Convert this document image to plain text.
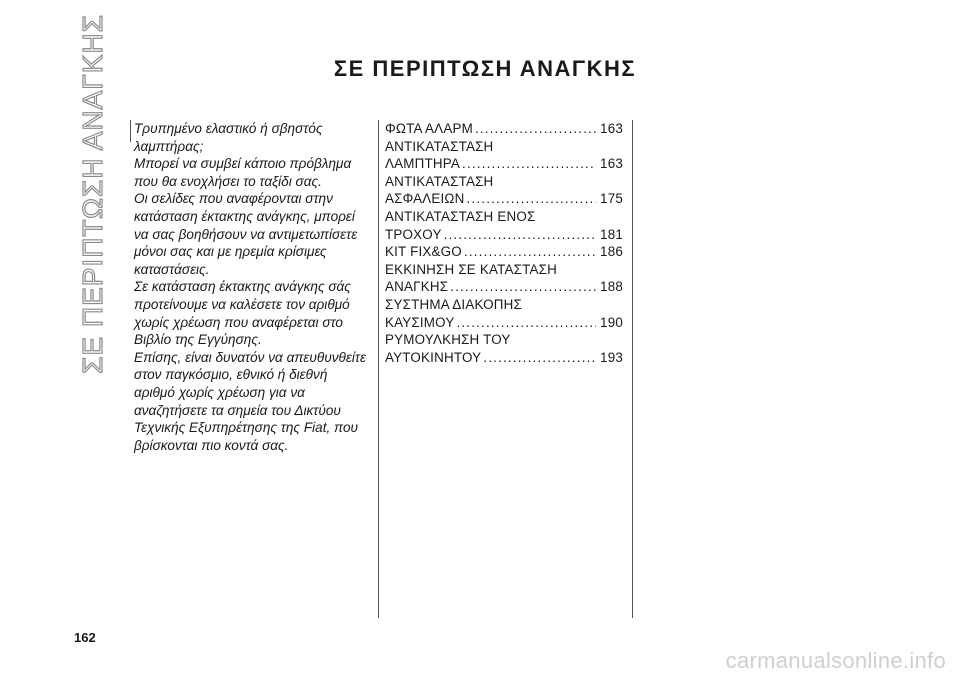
ΣΕ ΠΕΡΙΠΤΩΣΗ ΑΝΑΓΚΗΣ	ΣΕ ΠΕΡΙΠΤΩΣΗ ΑΝΑΓΚΗΣ

Τρυπημένο ελαστικό ή σβηστός λαμπτήρας;

Μπορεί να συμβεί κάποιο πρόβλημα που θα ενοχλήσει το ταξίδι σας.

Οι σελίδες που αναφέρονται στην κατάσταση έκτακτης ανάγκης, μπορεί να σας βοηθήσουν να αντιμετωπίσετε μόνοι σας και με ηρεμία κρίσιμες καταστάσεις.

Σε κατάσταση έκτακτης ανάγκης σάς προτείνουμε να καλέσετε τον αριθμό χωρίς χρέωση που αναφέρεται στο Βιβλίο της Εγγύησης.

Επίσης, είναι δυνατόν να απευθυνθείτε στον παγκόσμιο, εθνικό ή διεθνή αριθμό χωρίς χρέωση για να αναζητήσετε τα σημεία του Δικτύου Τεχνικής Εξυπηρέτησης της Fiat, που βρίσκονται πιο κοντά σας.

ΦΩΤΑ ΑΛΑΡΜ .....	163
ΑΝΤΙΚΑΤΑΣΤΑΣΗ
ΛΑΜΠΤΗΡΑ .....	163
ΑΝΤΙΚΑΤΑΣΤΑΣΗ
ΑΣΦΑΛΕΙΩΝ .....	175
ΑΝΤΙΚΑΤΑΣΤΑΣΗ ΕΝΟΣ
ΤΡΟΧΟΥ .....	181
KIT FIX&GO .....	186
ΕΚΚΙΝΗΣΗ ΣΕ ΚΑΤΑΣΤΑΣΗ
ΑΝΑΓΚΗΣ .....	188
ΣΥΣΤΗΜΑ ΔΙΑΚΟΠΗΣ
ΚΑΥΣΙΜΟΥ .....	190
ΡΥΜΟΥΛΚΗΣΗ ΤΟΥ
ΑΥΤΟΚΙΝΗΤΟΥ .....	193
162
carmanualsonline.info
